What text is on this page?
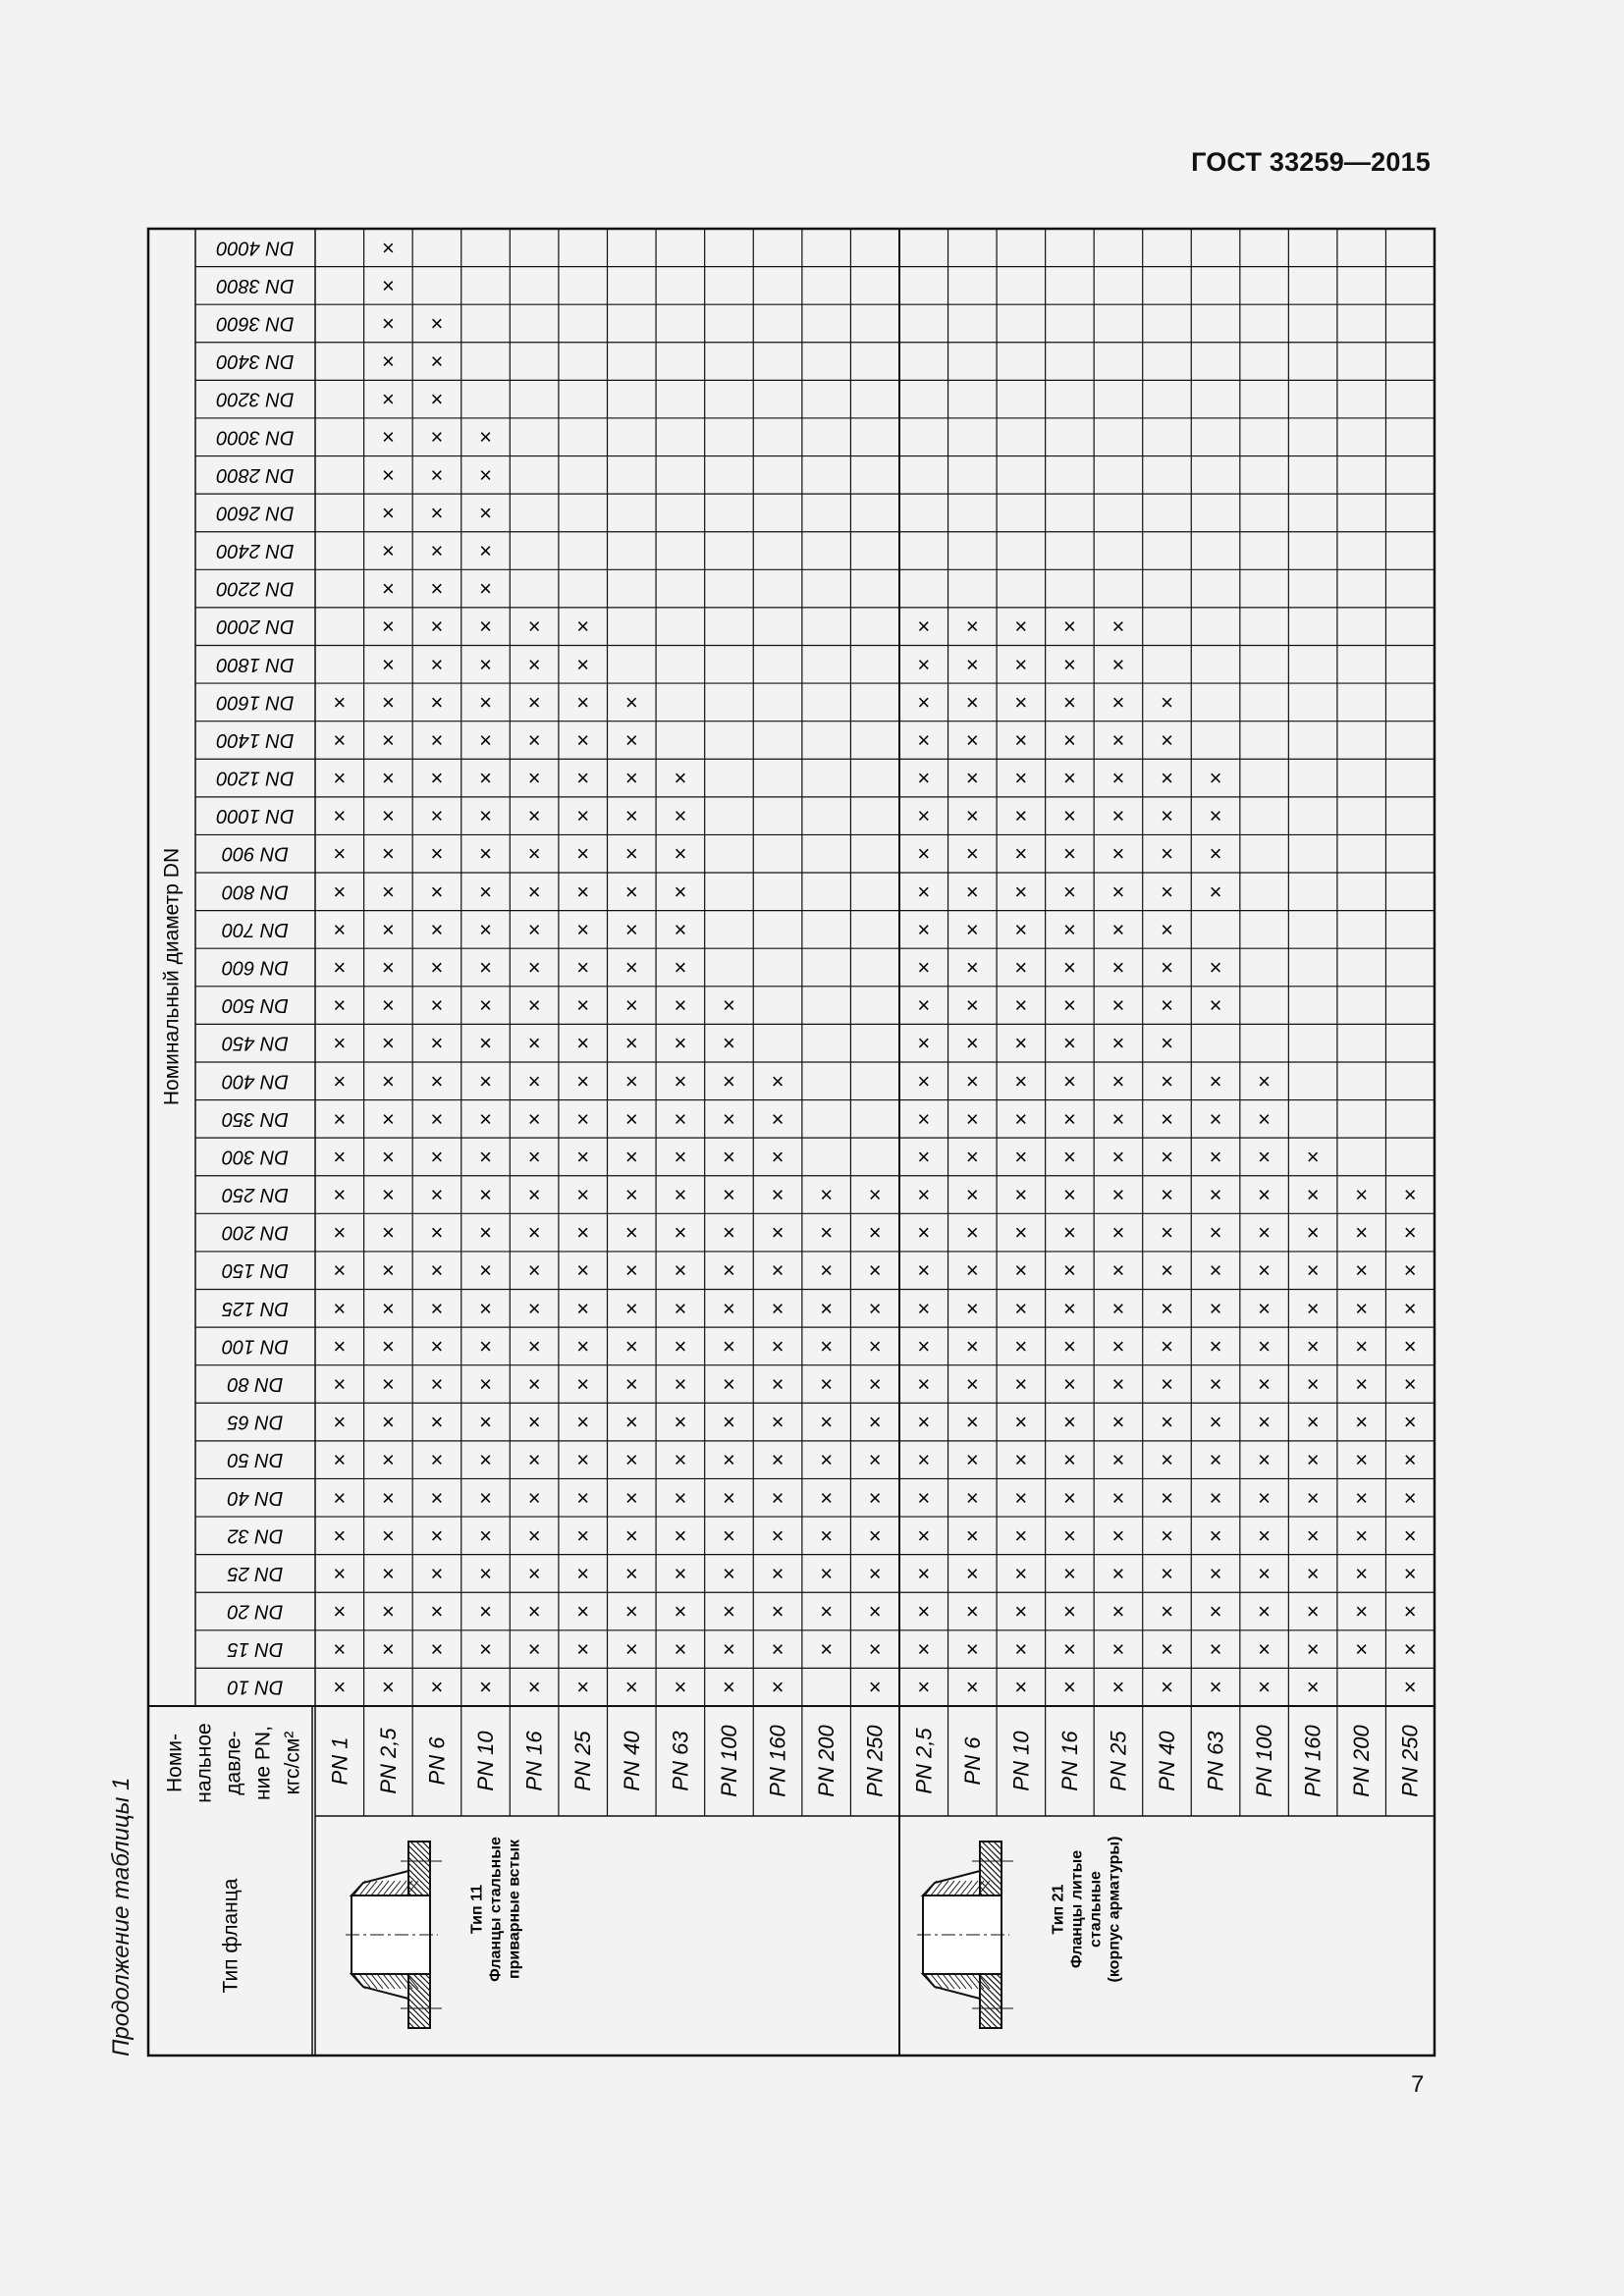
ГОСТ 33259—2015
Продолжение таблицы 1
7
DN 10
DN 15
DN 20
DN 25
DN 32
DN 40
DN 50
DN 65
DN 80
DN 100
DN 125
DN 150
DN 200
DN 250
DN 300
DN 350
DN 400
DN 450
DN 500
DN 600
DN 700
DN 800
DN 900
DN 1000
DN 1200
DN 1400
DN 1600
DN 1800
DN 2000
DN 2200
DN 2400
DN 2600
DN 2800
DN 3000
DN 3200
DN 3400
DN 3600
DN 3800
DN 4000
Номинальный диаметр DN
Номи- нальное давле- ние PN, кгс/см²
Тип фланца
PN 1
×
×
×
×
×
×
×
×
×
×
×
×
×
×
×
×
×
×
×
×
×
×
×
×
×
×
×
PN 2,5
×
×
×
×
×
×
×
×
×
×
×
×
×
×
×
×
×
×
×
×
×
×
×
×
×
×
×
×
×
×
×
×
×
×
×
×
×
×
×
PN 6
×
×
×
×
×
×
×
×
×
×
×
×
×
×
×
×
×
×
×
×
×
×
×
×
×
×
×
×
×
×
×
×
×
×
×
×
×
PN 10
×
×
×
×
×
×
×
×
×
×
×
×
×
×
×
×
×
×
×
×
×
×
×
×
×
×
×
×
×
×
×
×
×
×
PN 16
×
×
×
×
×
×
×
×
×
×
×
×
×
×
×
×
×
×
×
×
×
×
×
×
×
×
×
×
×
PN 25
×
×
×
×
×
×
×
×
×
×
×
×
×
×
×
×
×
×
×
×
×
×
×
×
×
×
×
×
×
PN 40
×
×
×
×
×
×
×
×
×
×
×
×
×
×
×
×
×
×
×
×
×
×
×
×
×
×
×
PN 63
×
×
×
×
×
×
×
×
×
×
×
×
×
×
×
×
×
×
×
×
×
×
×
×
×
PN 100
×
×
×
×
×
×
×
×
×
×
×
×
×
×
×
×
×
×
×
PN 160
×
×
×
×
×
×
×
×
×
×
×
×
×
×
×
×
×
PN 200
×
×
×
×
×
×
×
×
×
×
×
×
×
PN 250
×
×
×
×
×
×
×
×
×
×
×
×
×
×
Тип 11 Фланцы стальные приварные встык
PN 2,5
×
×
×
×
×
×
×
×
×
×
×
×
×
×
×
×
×
×
×
×
×
×
×
×
×
×
×
×
×
PN 6
×
×
×
×
×
×
×
×
×
×
×
×
×
×
×
×
×
×
×
×
×
×
×
×
×
×
×
×
×
PN 10
×
×
×
×
×
×
×
×
×
×
×
×
×
×
×
×
×
×
×
×
×
×
×
×
×
×
×
×
×
PN 16
×
×
×
×
×
×
×
×
×
×
×
×
×
×
×
×
×
×
×
×
×
×
×
×
×
×
×
×
×
PN 25
×
×
×
×
×
×
×
×
×
×
×
×
×
×
×
×
×
×
×
×
×
×
×
×
×
×
×
×
×
PN 40
×
×
×
×
×
×
×
×
×
×
×
×
×
×
×
×
×
×
×
×
×
×
×
×
×
×
×
PN 63
×
×
×
×
×
×
×
×
×
×
×
×
×
×
×
×
×
×
×
×
×
×
×
PN 100
×
×
×
×
×
×
×
×
×
×
×
×
×
×
×
×
×
PN 160
×
×
×
×
×
×
×
×
×
×
×
×
×
×
×
PN 200
×
×
×
×
×
×
×
×
×
×
×
×
×
PN 250
×
×
×
×
×
×
×
×
×
×
×
×
×
×
Тип 21 Фланцы литые стальные (корпус арматуры)
